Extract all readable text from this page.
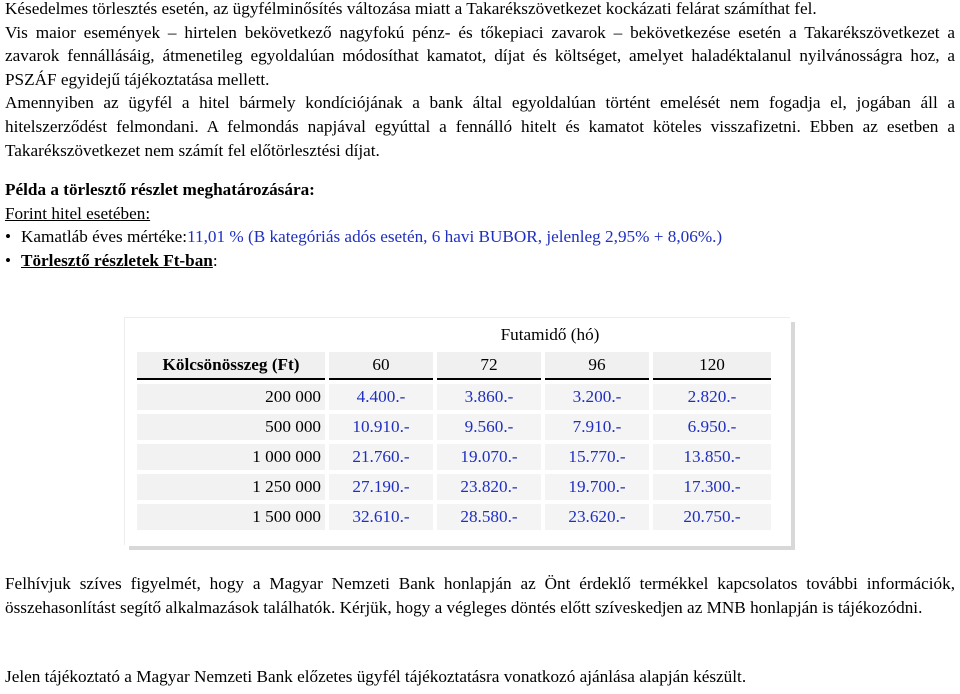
Késedelmes törlesztés esetén, az ügyfélminősítés változása miatt a Takarékszövetkezet kockázati felárat számíthat fel.

Vis maior események – hirtelen bekövetkező nagyfokú pénz- és tőkepiaci zavarok – bekövetkezése esetén a Takarékszövetkezet a zavarok fennállásáig, átmenetileg egyoldalúan módosíthat kamatot, díjat és költséget, amelyet haladéktalanul nyilvánosságra hoz, a PSZÁF egyidejű tájékoztatása mellett.

Amennyiben az ügyfél a hitel bármely kondíciójának a bank által egyoldalúan történt emelését nem fogadja el, jogában áll a hitelszerződést felmondani. A felmondás napjával egyúttal a fennálló hitelt és kamatot köteles visszafizetni. Ebben az esetben a Takarékszövetkezet nem számít fel előtörlesztési díjat.

Példa a törlesztő részlet meghatározására:

Forint hitel esetében:

• Kamatláb éves mértéke: 11,01 % (B kategóriás adós esetén, 6 havi BUBOR, jelenleg 2,95% + 8,06%.)

• Törlesztő részletek Ft-ban :

	Futamidő (hó)			
Kölcsönösszeg (Ft)	60	72	96	120
200 000	4.400.-	3.860.-	3.200.-	2.820.-
500 000	10.910.-	9.560.-	7.910.-	6.950.-
1 000 000	21.760.-	19.070.-	15.770.-	13.850.-
1 250 000	27.190.-	23.820.-	19.700.-	17.300.-
1 500 000	32.610.-	28.580.-	23.620.-	20.750.-

Felhívjuk szíves figyelmét, hogy a Magyar Nemzeti Bank honlapján az Önt érdeklő termékkel kapcsolatos további információk, összehasonlítást segítő alkalmazások találhatók. Kérjük, hogy a végleges döntés előtt szíveskedjen az MNB honlapján is tájékozódni.

Jelen tájékoztató a Magyar Nemzeti Bank előzetes ügyfél tájékoztatásra vonatkozó ajánlása alapján készült.
